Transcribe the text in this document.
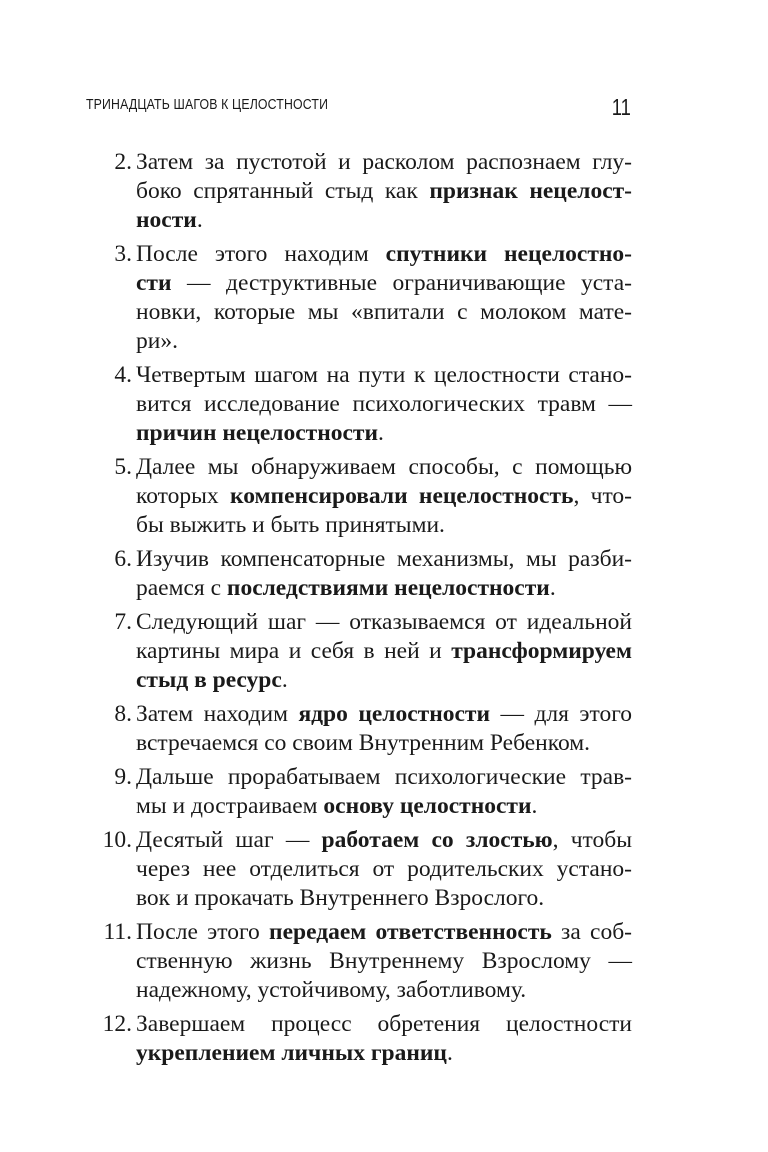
ТРИНАДЦАТЬ ШАГОВ К ЦЕЛОСТНОСТИ	11
2. Затем за пустотой и расколом распознаем глу-
боко спрятанный стыд как признак нецелост-
ности.
3. После этого находим спутники нецелостно-
сти — деструктивные ограничивающие уста-
новки, которые мы «впитали с молоком мате-
ри».
4. Четвертым шагом на пути к целостности стано-
вится исследование психологических травм —
причин нецелостности.
5. Далее мы обнаруживаем способы, с помощью
которых компенсировали нецелостность, что-
бы выжить и быть принятыми.
6. Изучив компенсаторные механизмы, мы разби-
раемся с последствиями нецелостности.
7. Следующий шаг — отказываемся от идеальной
картины мира и себя в ней и трансформируем
стыд в ресурс.
8. Затем находим ядро целостности — для этого
встречаемся со своим Внутренним Ребенком.
9. Дальше прорабатываем психологические трав-
мы и достраиваем основу целостности.
10. Десятый шаг — работаем со злостью, чтобы
через нее отделиться от родительских устано-
вок и прокачать Внутреннего Взрослого.
11. После этого передаем ответственность за соб-
ственную жизнь Внутреннему Взрослому —
надежному, устойчивому, заботливому.
12. Завершаем процесс обретения целостности
укреплением личных границ.
